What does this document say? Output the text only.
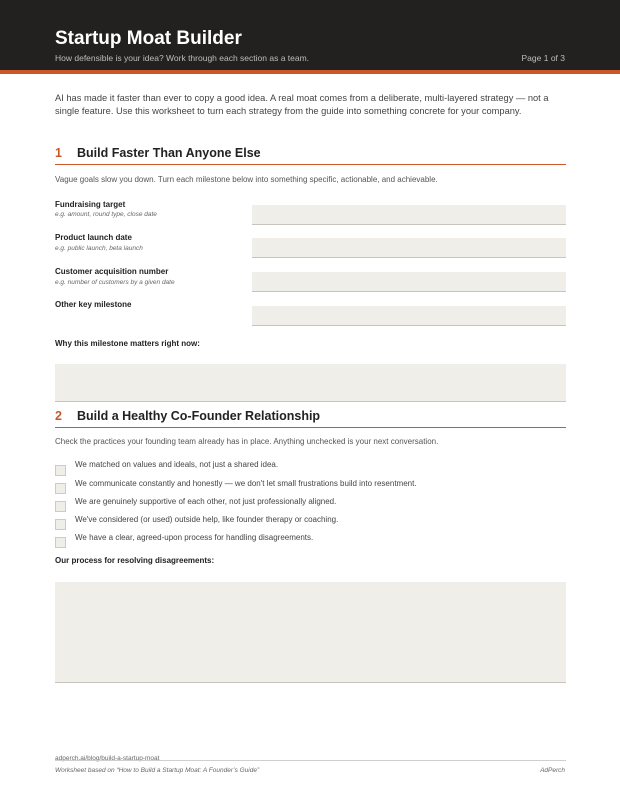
Startup Moat Builder
How defensible is your idea? Work through each section as a team.	Page 1 of 3
AI has made it faster than ever to copy a good idea. A real moat comes from a deliberate, multi-layered strategy — not a single feature. Use this worksheet to turn each strategy from the guide into something concrete for your company.
1 Build Faster Than Anyone Else
Vague goals slow you down. Turn each milestone below into something specific, actionable, and achievable.
Fundraising target
e.g. amount, round type, close date
Product launch date
e.g. public launch, beta launch
Customer acquisition number
e.g. number of customers by a given date
Other key milestone
Why this milestone matters right now:
2 Build a Healthy Co-Founder Relationship
Check the practices your founding team already has in place. Anything unchecked is your next conversation.
We matched on values and ideals, not just a shared idea.
We communicate constantly and honestly — we don't let small frustrations build into resentment.
We are genuinely supportive of each other, not just professionally aligned.
We've considered (or used) outside help, like founder therapy or coaching.
We have a clear, agreed-upon process for handling disagreements.
Our process for resolving disagreements:
adperch.ai/blog/build-a-startup-moat
Worksheet based on “How to Build a Startup Moat: A Founder’s Guide”	AdPerch
